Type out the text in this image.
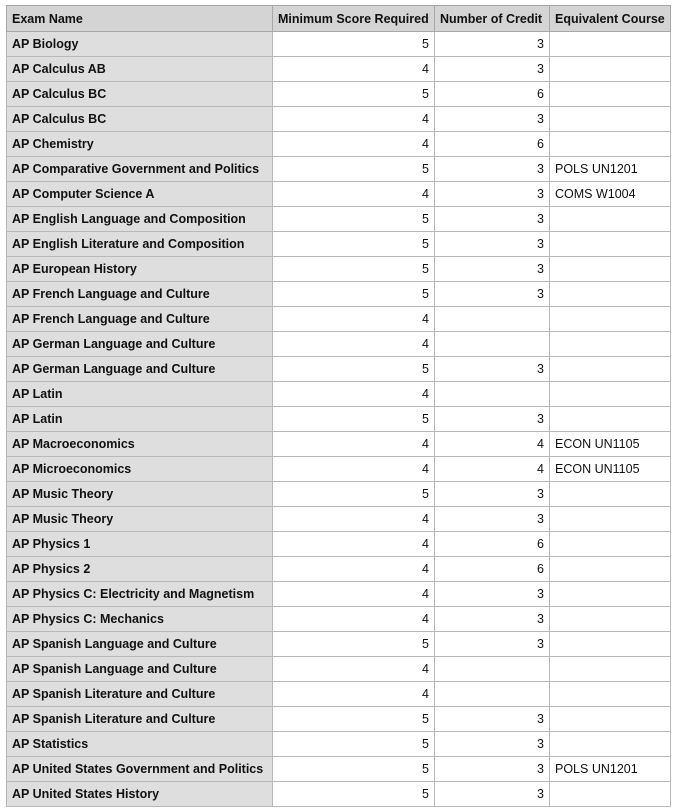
Exam Name	Minimum Score Required	Number of Credit	Equivalent Course
AP Biology	5	3	
AP Calculus AB	4	3	
AP Calculus BC	5	6	
AP Calculus BC	4	3	
AP Chemistry	4	6	
AP Comparative Government and Politics	5	3	POLS UN1201
AP Computer Science A	4	3	COMS W1004
AP English Language and Composition	5	3	
AP English Literature and Composition	5	3	
AP European History	5	3	
AP French Language and Culture	5	3	
AP French Language and Culture	4		
AP German Language and Culture	4		
AP German Language and Culture	5	3	
AP Latin	4		
AP Latin	5	3	
AP Macroeconomics	4	4	ECON UN1105
AP Microeconomics	4	4	ECON UN1105
AP Music Theory	5	3	
AP Music Theory	4	3	
AP Physics 1	4	6	
AP Physics 2	4	6	
AP Physics C: Electricity and Magnetism	4	3	
AP Physics C: Mechanics	4	3	
AP Spanish Language and Culture	5	3	
AP Spanish Language and Culture	4		
AP Spanish Literature and Culture	4		
AP Spanish Literature and Culture	5	3	
AP Statistics	5	3	
AP United States Government and Politics	5	3	POLS UN1201
AP United States History	5	3	
